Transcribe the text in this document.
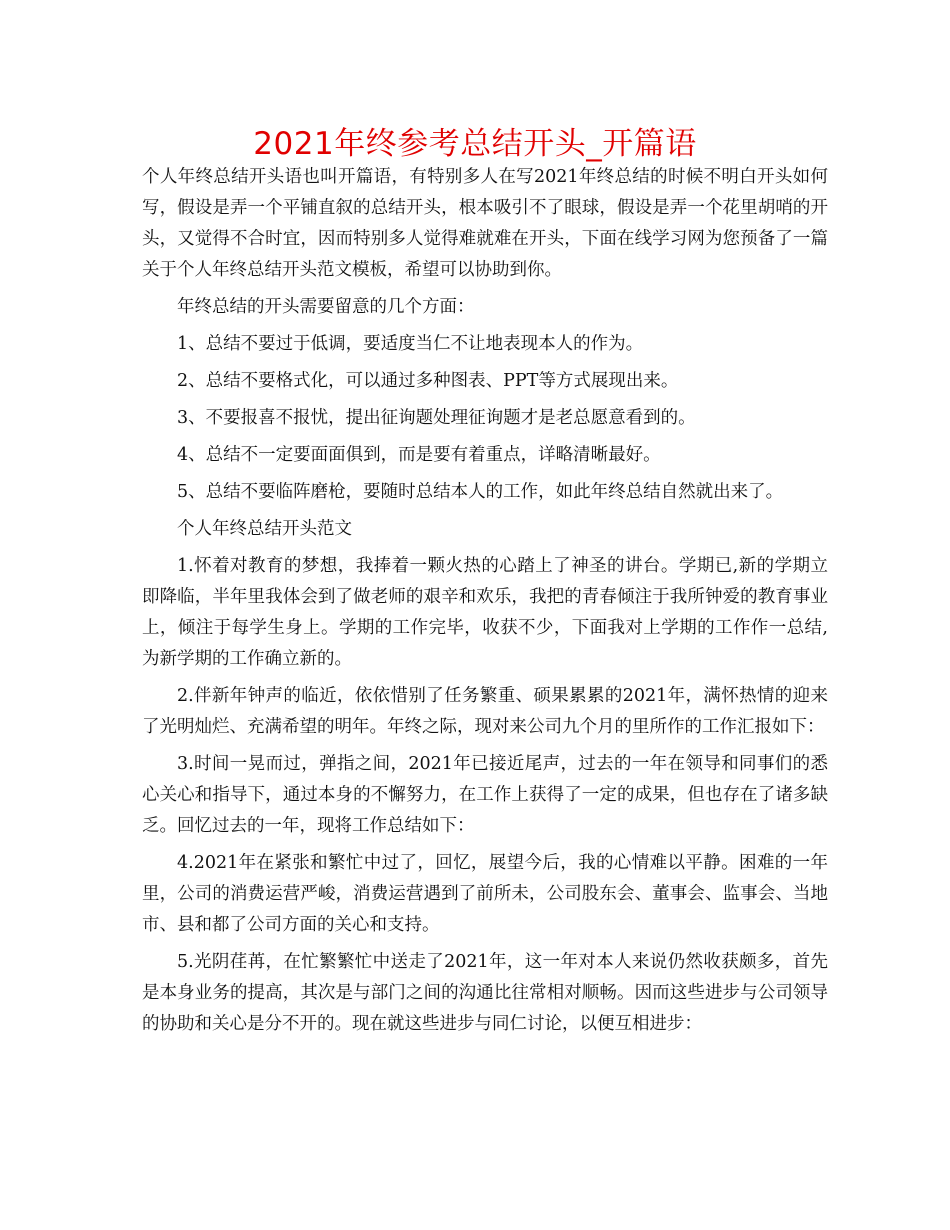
2021年终参考总结开头_开篇语

个人年终总结开头语也叫开篇语，有特别多人在写2021年终总结的时候不明白开头如何写，假设是弄一个平铺直叙的总结开头，根本吸引不了眼球，假设是弄一个花里胡哨的开头，又觉得不合时宜，因而特别多人觉得难就难在开头，下面在线学习网为您预备了一篇关于个人年终总结开头范文模板，希望可以协助到你。

年终总结的开头需要留意的几个方面：

1、总结不要过于低调，要适度当仁不让地表现本人的作为。

2、总结不要格式化，可以通过多种图表、PPT等方式展现出来。

3、不要报喜不报忧，提出征询题处理征询题才是老总愿意看到的。

4、总结不一定要面面俱到，而是要有着重点，详略清晰最好。

5、总结不要临阵磨枪，要随时总结本人的工作，如此年终总结自然就出来了。

个人年终总结开头范文

1.怀着对教育的梦想，我捧着一颗火热的心踏上了神圣的讲台。学期已,新的学期立即降临，半年里我体会到了做老师的艰辛和欢乐，我把的青春倾注于我所钟爱的教育事业上，倾注于每学生身上。学期的工作完毕，收获不少，下面我对上学期的工作作一总结,为新学期的工作确立新的。

2.伴新年钟声的临近，依依惜别了任务繁重、硕果累累的2021年，满怀热情的迎来了光明灿烂、充满希望的明年。年终之际，现对来公司九个月的里所作的工作汇报如下：

3.时间一晃而过，弹指之间，2021年已接近尾声，过去的一年在领导和同事们的悉心关心和指导下，通过本身的不懈努力，在工作上获得了一定的成果，但也存在了诸多缺乏。回忆过去的一年，现将工作总结如下：

4.2021年在紧张和繁忙中过了，回忆，展望今后，我的心情难以平静。困难的一年里，公司的消费运营严峻，消费运营遇到了前所未，公司股东会、董事会、监事会、当地市、县和都了公司方面的关心和支持。

5.光阴荏苒，在忙繁繁忙中送走了2021年，这一年对本人来说仍然收获颇多，首先是本身业务的提高，其次是与部门之间的沟通比往常相对顺畅。因而这些进步与公司领导的协助和关心是分不开的。现在就这些进步与同仁讨论，以便互相进步：
